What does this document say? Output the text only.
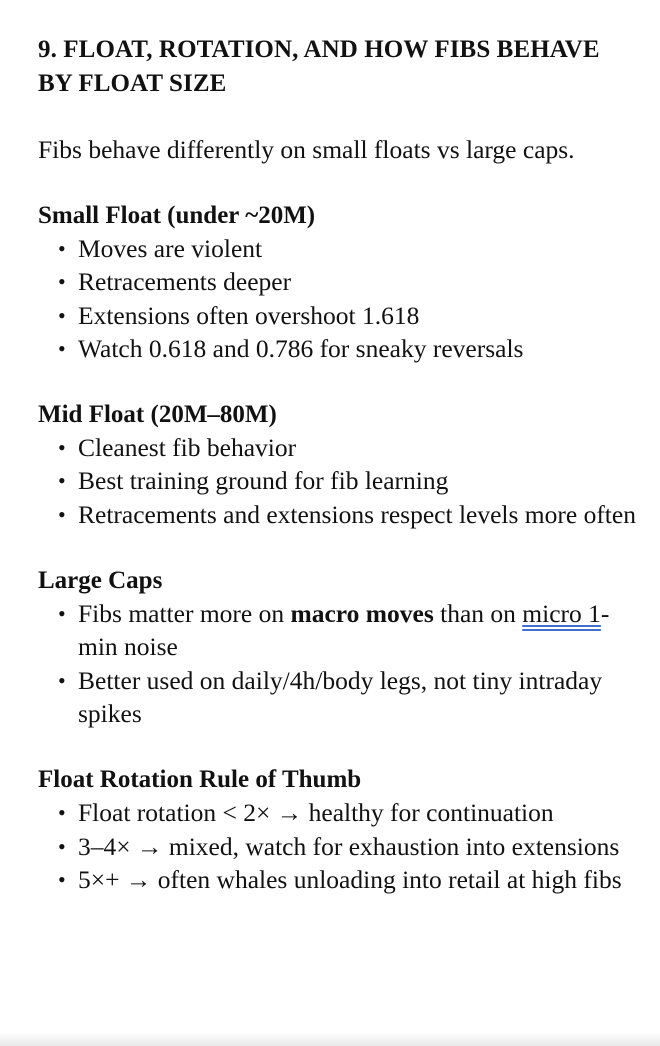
9. FLOAT, ROTATION, AND HOW FIBS BEHAVE BY FLOAT SIZE

Fibs behave differently on small floats vs large caps.

Small Float (under ~20M)
• Moves are violent
• Retracements deeper
• Extensions often overshoot 1.618
• Watch 0.618 and 0.786 for sneaky reversals
Mid Float (20M–80M)
• Cleanest fib behavior
• Best training ground for fib learning
• Retracements and extensions respect levels more often
Large Caps
• Fibs matter more on macro moves than on micro 1-min noise
• Better used on daily/4h/body legs, not tiny intraday spikes
Float Rotation Rule of Thumb
• Float rotation < 2× → healthy for continuation
• 3–4× → mixed, watch for exhaustion into extensions
• 5×+ → often whales unloading into retail at high fibs
